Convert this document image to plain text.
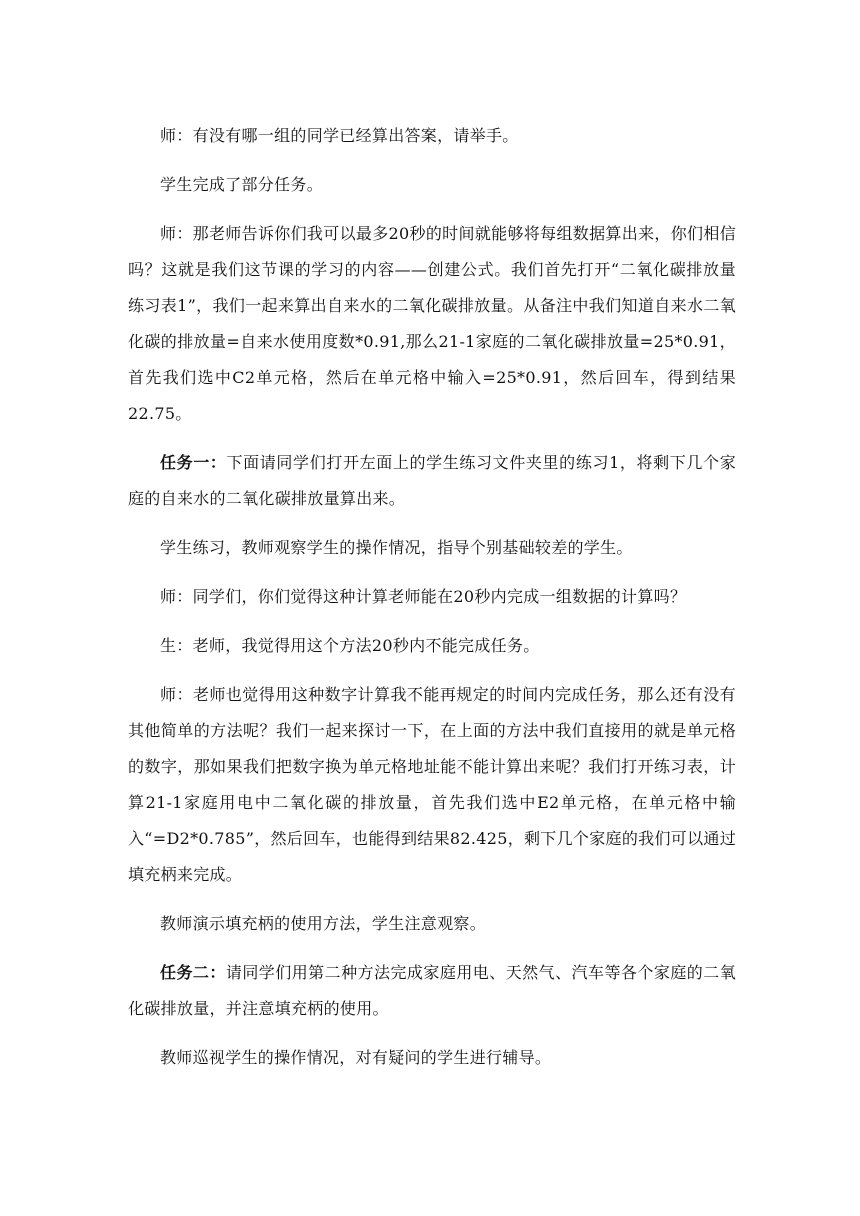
师：有没有哪一组的同学已经算出答案，请举手。

学生完成了部分任务。

师：那老师告诉你们我可以最多20秒的时间就能够将每组数据算出来，你们相信吗？这就是我们这节课的学习的内容——创建公式。我们首先打开“二氧化碳排放量练习表1”，我们一起来算出自来水的二氧化碳排放量。从备注中我们知道自来水二氧化碳的排放量=自来水使用度数*0.91,那么21-1家庭的二氧化碳排放量=25*0.91，首先我们选中C2单元格，然后在单元格中输入=25*0.91，然后回车，得到结果22.75。

任务一：下面请同学们打开左面上的学生练习文件夹里的练习1，将剩下几个家庭的自来水的二氧化碳排放量算出来。

学生练习，教师观察学生的操作情况，指导个别基础较差的学生。

师：同学们，你们觉得这种计算老师能在20秒内完成一组数据的计算吗？

生：老师，我觉得用这个方法20秒内不能完成任务。

师：老师也觉得用这种数字计算我不能再规定的时间内完成任务，那么还有没有其他简单的方法呢？我们一起来探讨一下，在上面的方法中我们直接用的就是单元格的数字，那如果我们把数字换为单元格地址能不能计算出来呢？我们打开练习表，计算21-1家庭用电中二氧化碳的排放量，首先我们选中E2单元格，在单元格中输入“=D2*0.785”，然后回车，也能得到结果82.425，剩下几个家庭的我们可以通过填充柄来完成。

教师演示填充柄的使用方法，学生注意观察。

任务二：请同学们用第二种方法完成家庭用电、天然气、汽车等各个家庭的二氧化碳排放量，并注意填充柄的使用。

教师巡视学生的操作情况，对有疑问的学生进行辅导。
